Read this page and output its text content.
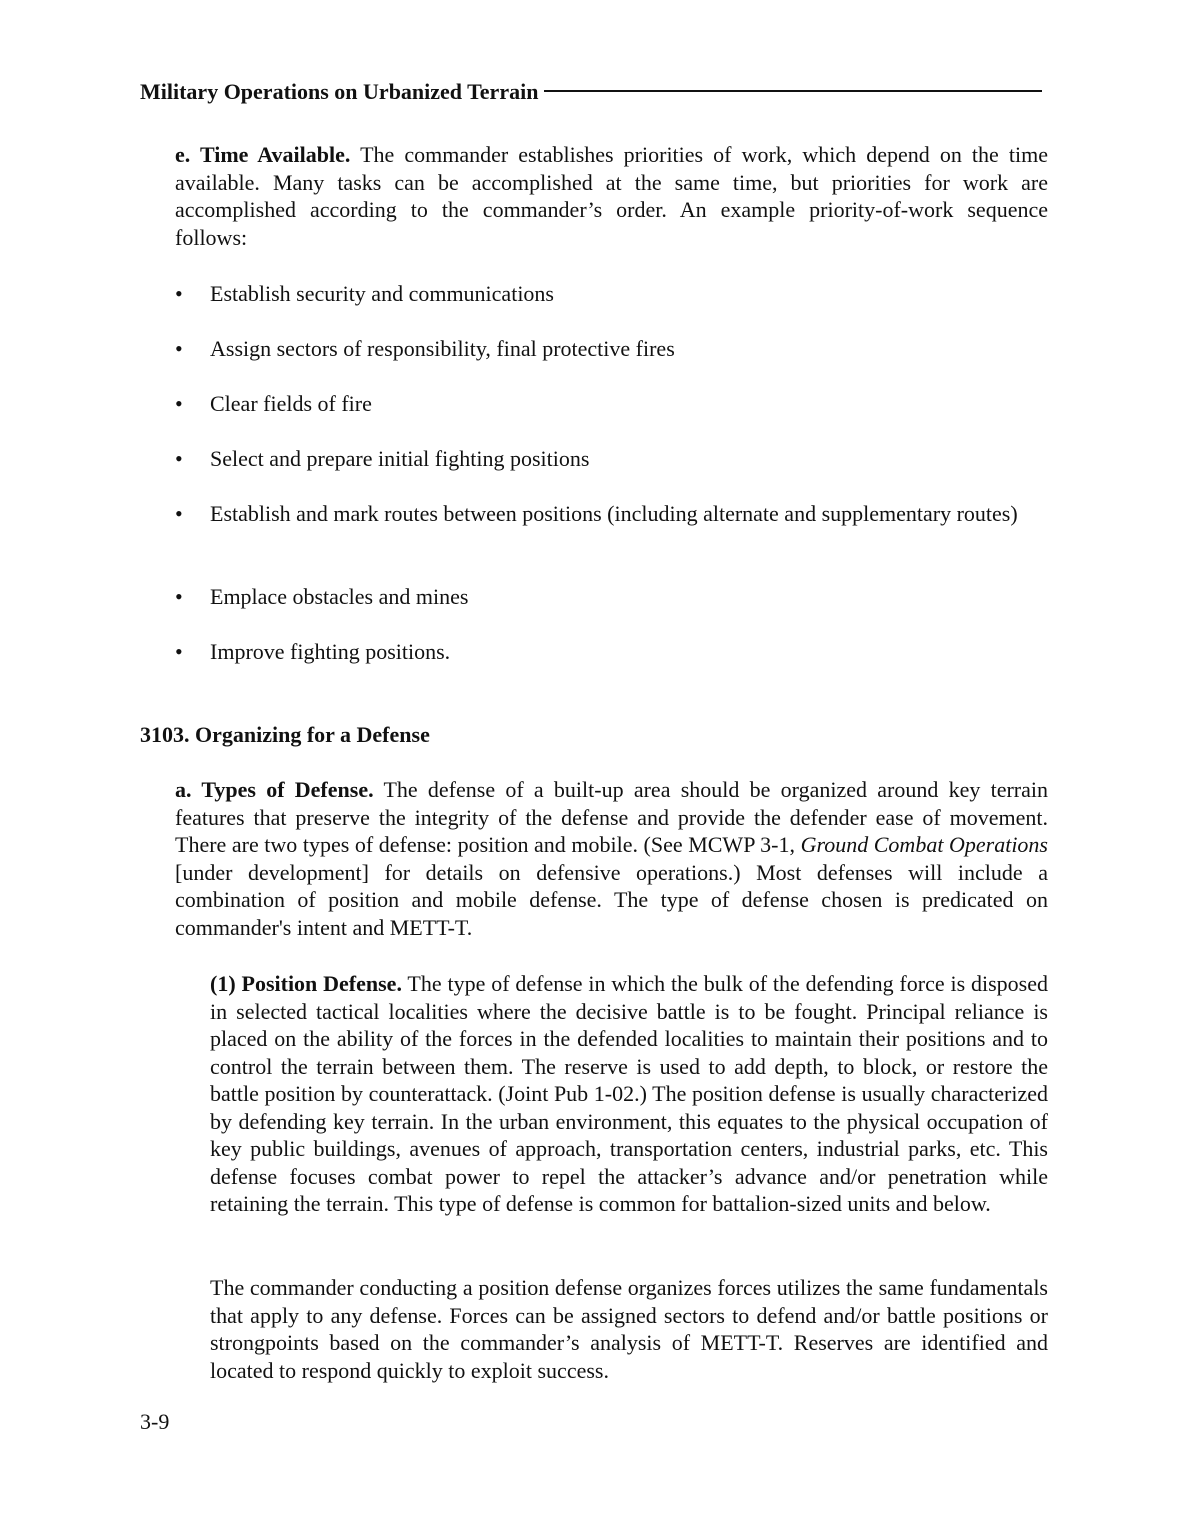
Military Operations on Urbanized Terrain

e. Time Available. The commander establishes priorities of work, which depend on the time available. Many tasks can be accomplished at the same time, but priorities for work are accomplished according to the commander’s order. An example priority-of-work sequence follows:

• Establish security and communications
• Assign sectors of responsibility, final protective fires
• Clear fields of fire
• Select and prepare initial fighting positions
• Establish and mark routes between positions (including alternate and supplementary routes)
• Emplace obstacles and mines
• Improve fighting positions.
3103. Organizing for a Defense

a. Types of Defense. The defense of a built-up area should be organized around key terrain features that preserve the integrity of the defense and provide the defender ease of movement. There are two types of defense: position and mobile. (See MCWP 3-1, Ground Combat Operations [under development] for details on defensive operations.) Most defenses will include a combination of position and mobile defense. The type of defense chosen is predicated on commander's intent and METT-T.

(1) Position Defense. The type of defense in which the bulk of the defending force is disposed in selected tactical localities where the decisive battle is to be fought. Principal reliance is placed on the ability of the forces in the defended localities to maintain their positions and to control the terrain between them. The reserve is used to add depth, to block, or restore the battle position by counterattack. (Joint Pub 1-02.) The position defense is usually characterized by defending key terrain. In the urban environment, this equates to the physical occupation of key public buildings, avenues of approach, transportation centers, industrial parks, etc. This defense focuses combat power to repel the attacker’s advance and/or penetration while retaining the terrain. This type of defense is common for battalion-sized units and below.

The commander conducting a position defense organizes forces utilizes the same fundamentals that apply to any defense. Forces can be assigned sectors to defend and/or battle positions or strongpoints based on the commander’s analysis of METT-T. Reserves are identified and located to respond quickly to exploit success.

3-9
